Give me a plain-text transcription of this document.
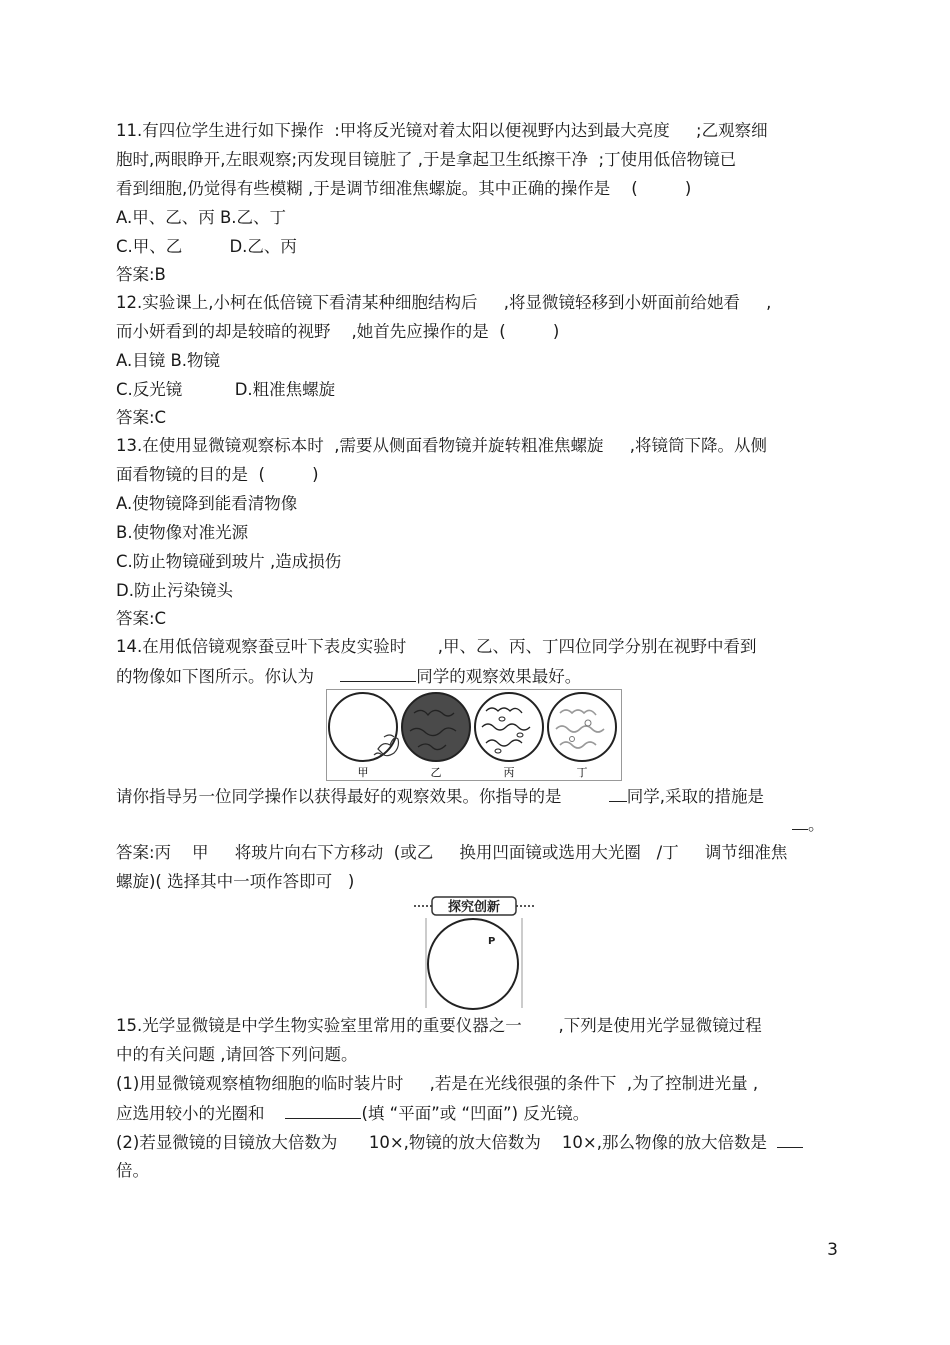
11.有四位学生进行如下操作  :甲将反光镜对着太阳以便视野内达到最大亮度     ;乙观察细
胞时,两眼睁开,左眼观察;丙发现目镜脏了 ,于是拿起卫生纸擦干净  ;丁使用低倍物镜已
看到细胞,仍觉得有些模糊 ,于是调节细准焦螺旋。其中正确的操作是    (         )
A.甲、乙、丙 B.乙、丁
C.甲、乙         D.乙、丙
答案:B
12.实验课上,小柯在低倍镜下看清某种细胞结构后     ,将显微镜轻移到小妍面前给她看     ,
而小妍看到的却是较暗的视野    ,她首先应操作的是  (         )
A.目镜 B.物镜
C.反光镜          D.粗准焦螺旋
答案:C
13.在使用显微镜观察标本时  ,需要从侧面看物镜并旋转粗准焦螺旋     ,将镜筒下降。从侧
面看物镜的目的是  (         )
A.使物镜降到能看清物像
B.使物像对准光源
C.防止物镜碰到玻片 ,造成损伤
D.防止污染镜头
答案:C
14.在用低倍镜观察蚕豆叶下表皮实验时      ,甲、乙、丙、丁四位同学分别在视野中看到
的物像如下图所示。你认为	同学的观察效果最好。
甲	乙	丙	丁
请你指导另一位同学操作以获得最好的观察效果。你指导的是         同学,采取的措施是
。
答案:丙    甲     将玻片向右下方移动  (或乙     换用凹面镜或选用大光圈   /丁     调节细准焦
螺旋)( 选择其中一项作答即可   )
探究创新
P
15.光学显微镜是中学生物实验室里常用的重要仪器之一       ,下列是使用光学显微镜过程
中的有关问题 ,请回答下列问题。
(1)用显微镜观察植物细胞的临时装片时     ,若是在光线很强的条件下  ,为了控制进光量 ,
应选用较小的光圈和	(填 “平面”或 “凹面”) 反光镜。
(2)若显微镜的目镜放大倍数为      10×,物镜的放大倍数为    10×,那么物像的放大倍数是
倍。
3
